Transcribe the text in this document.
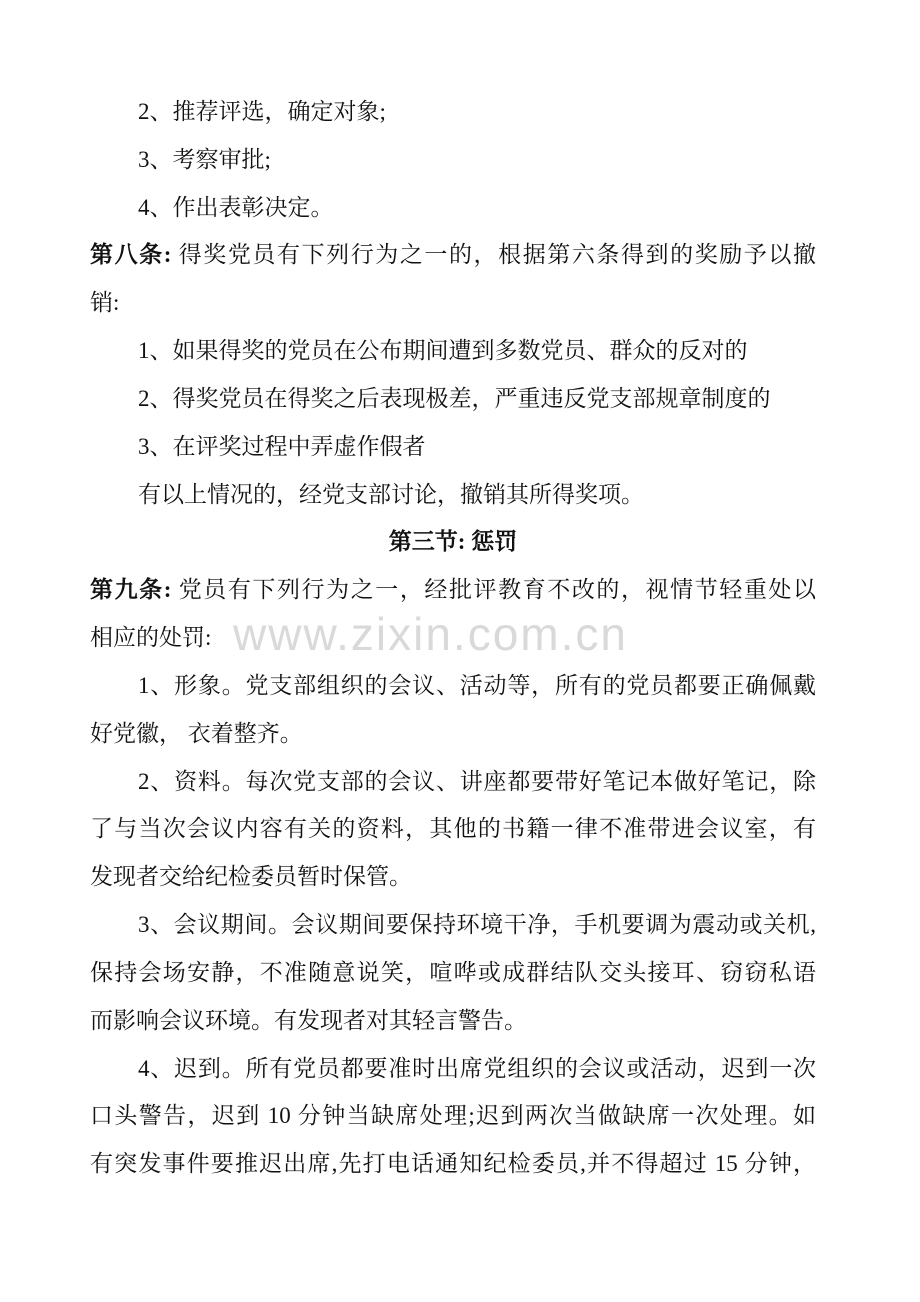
www.zixin.com.cn
2、推荐评选，确定对象;
3、考察审批;
4、作出表彰决定。
第八条: 得奖党员有下列行为之一的，根据第六条得到的奖励予以撤
销:
1、如果得奖的党员在公布期间遭到多数党员、群众的反对的
2、得奖党员在得奖之后表现极差，严重违反党支部规章制度的
3、在评奖过程中弄虚作假者
有以上情况的，经党支部讨论，撤销其所得奖项。
第三节: 惩罚
第九条: 党员有下列行为之一，经批评教育不改的，视情节轻重处以
相应的处罚:
1、形象。党支部组织的会议、活动等，所有的党员都要正确佩戴
好党徽， 衣着整齐。
2、资料。每次党支部的会议、讲座都要带好笔记本做好笔记，除
了与当次会议内容有关的资料，其他的书籍一律不准带进会议室，有
发现者交给纪检委员暂时保管。
3、会议期间。会议期间要保持环境干净，手机要调为震动或关机,
保持会场安静，不准随意说笑，喧哗或成群结队交头接耳、窃窃私语
而影响会议环境。有发现者对其轻言警告。
4、迟到。所有党员都要准时出席党组织的会议或活动，迟到一次
口头警告，迟到 10 分钟当缺席处理;迟到两次当做缺席一次处理。如
有突发事件要推迟出席,先打电话通知纪检委员,并不得超过 15 分钟，
